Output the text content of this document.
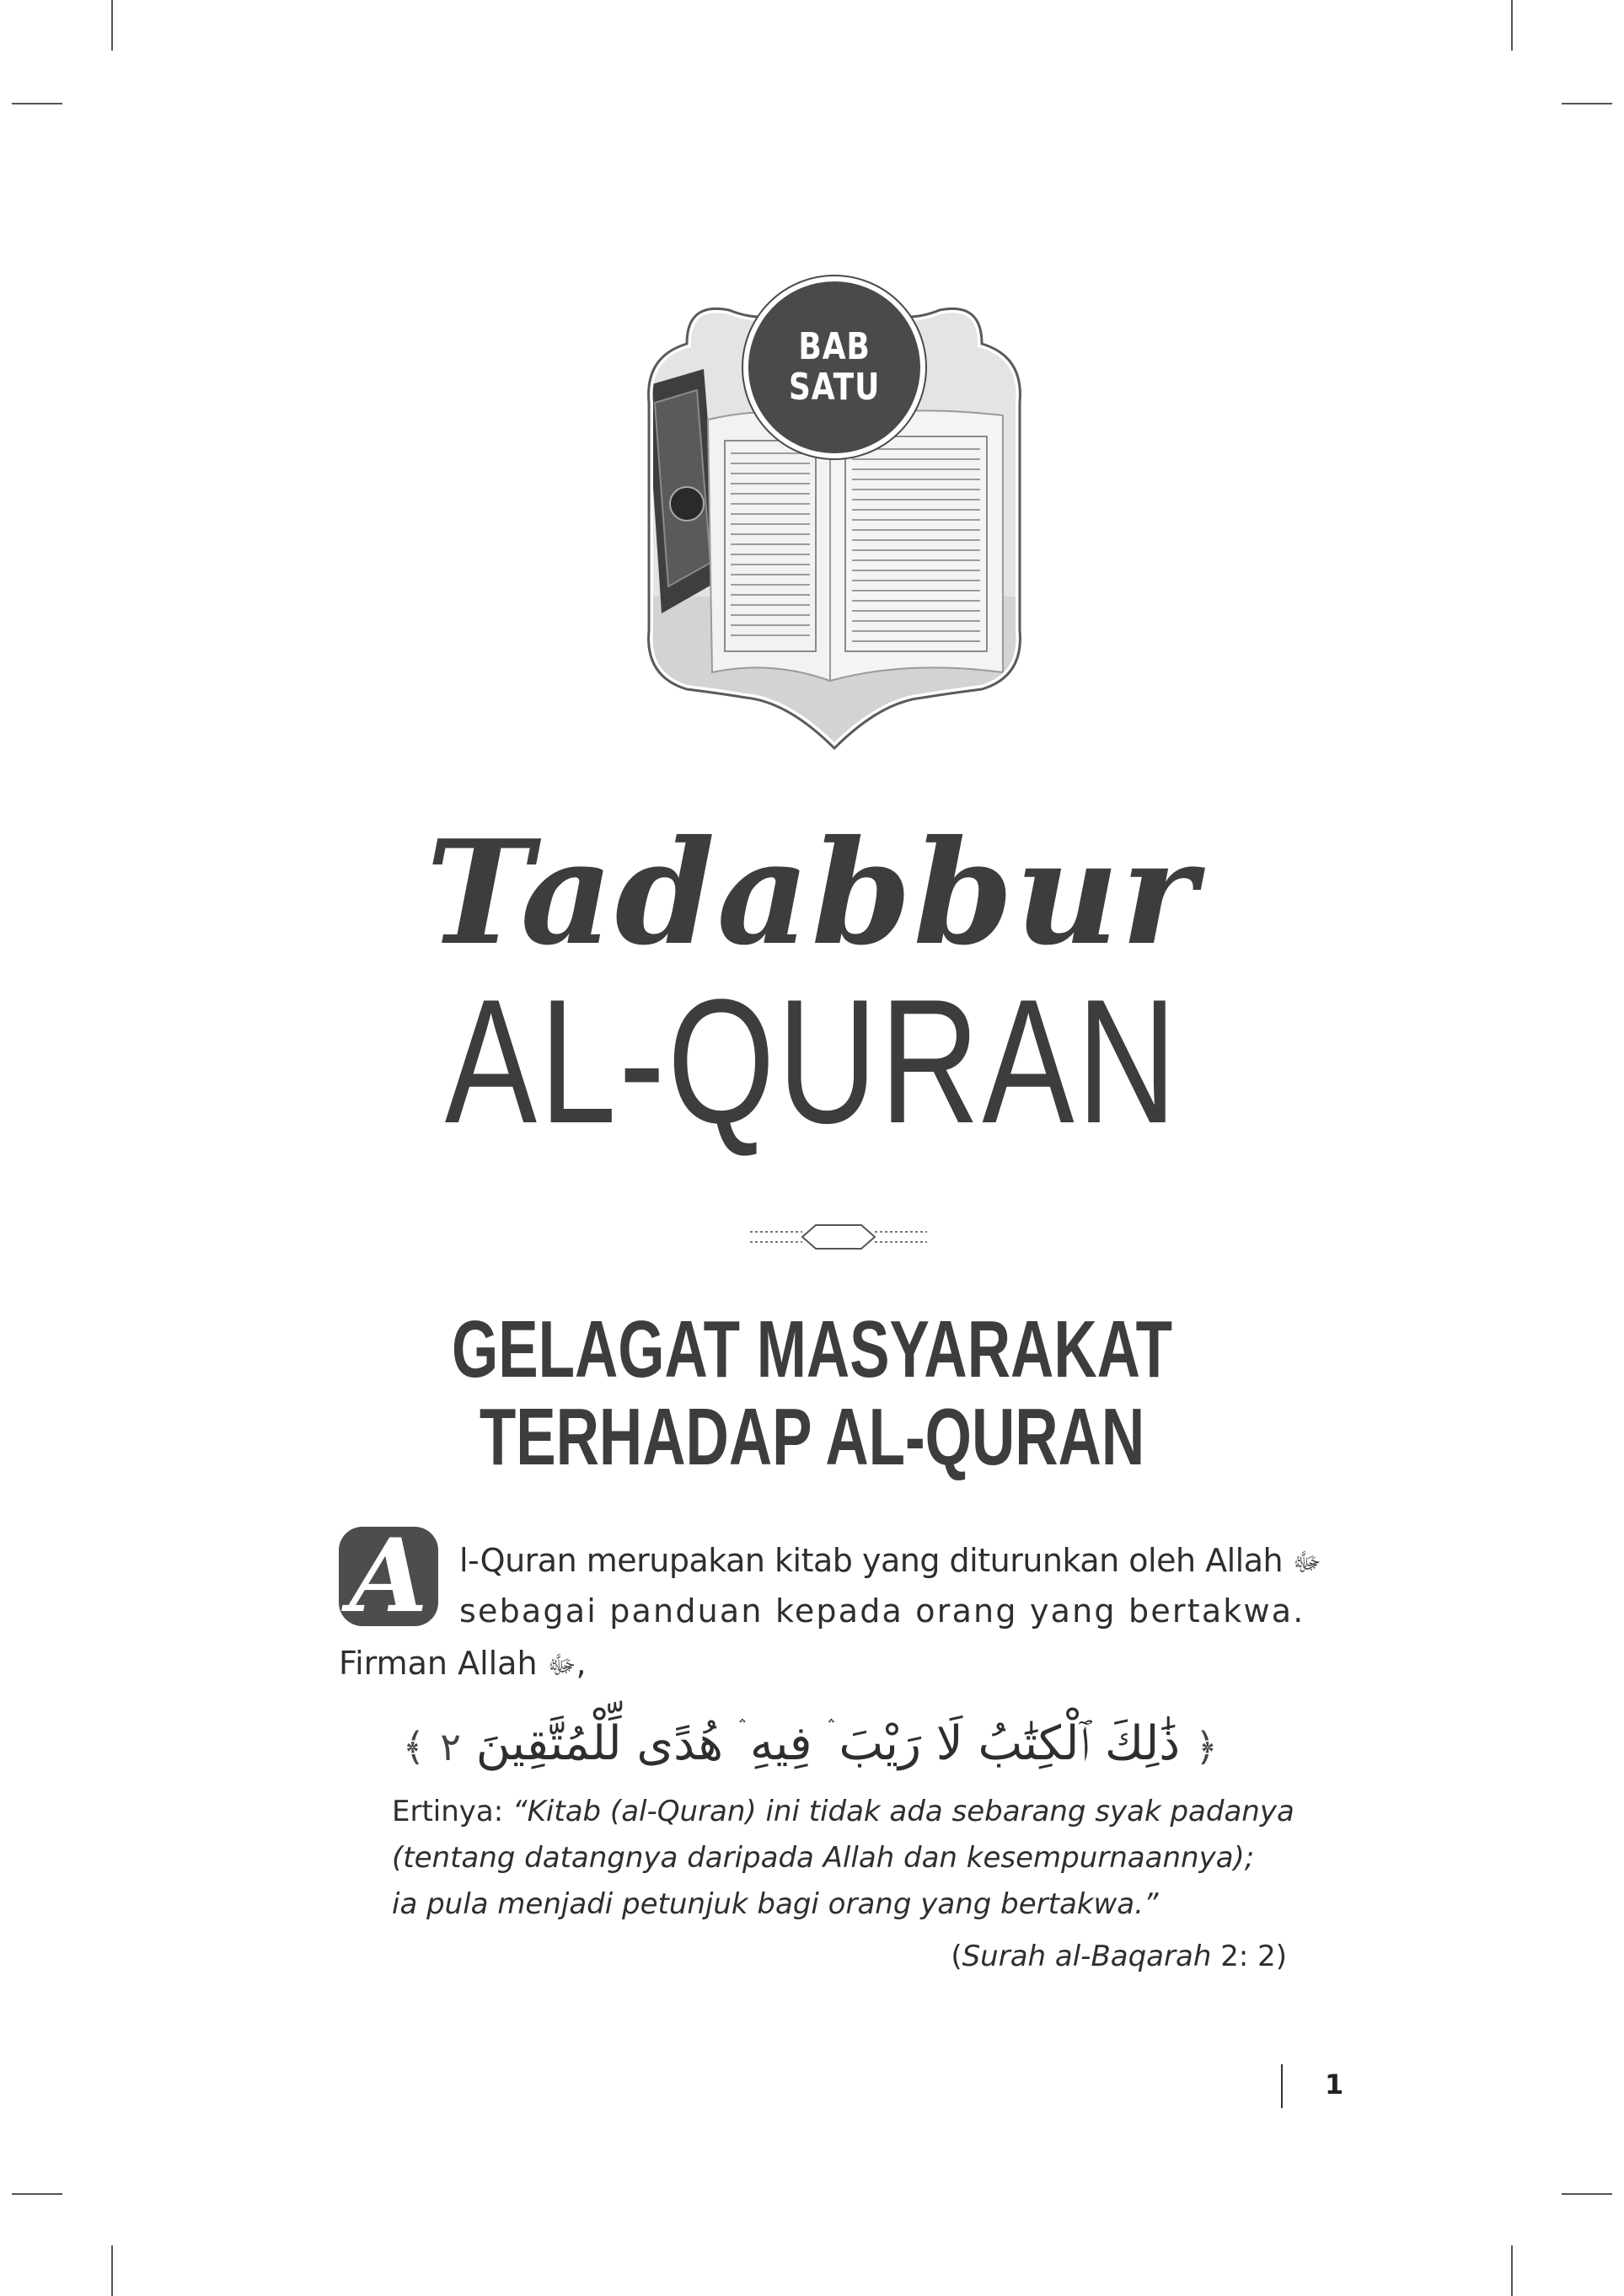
BAB
SATU
Tadabbur
AL-QURAN
GELAGAT MASYARAKAT
TERHADAP AL-QURAN
A l-Quran merupakan kitab yang diturunkan oleh Allah ﷻ
sebagai panduan kepada orang yang bertakwa.
Firman Allah ﷻ,
﴿ ذَٰلِكَ ٱلْكِتَٰبُ لَا رَيْبَ ۛ فِيهِ ۛ هُدًى لِّلْمُتَّقِينَ ٢ ﴾
Ertinya: “Kitab (al-Quran) ini tidak ada sebarang syak padanya
(tentang datangnya daripada Allah dan kesempurnaannya);
ia pula menjadi petunjuk bagi orang yang bertakwa.”
(Surah al-Baqarah 2: 2)
1
